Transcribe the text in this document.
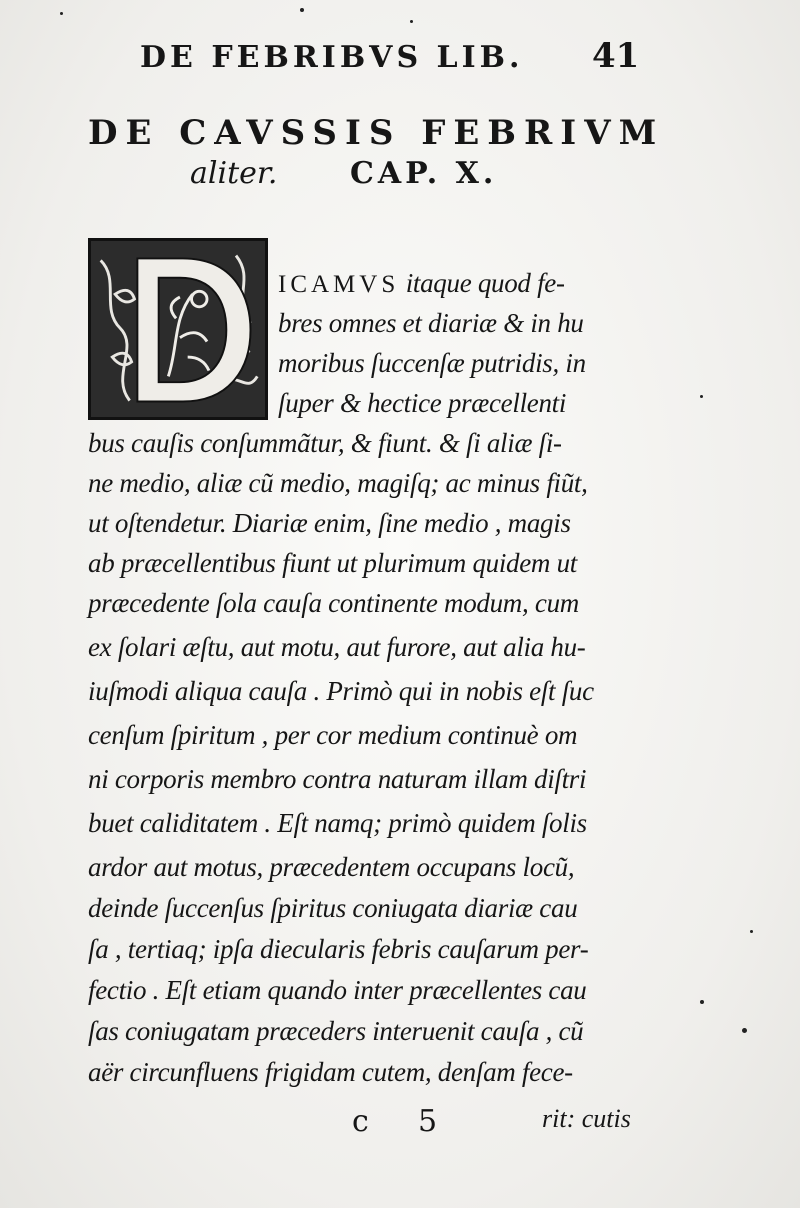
DE FEBRIBVS LIB.	41
DE CAVSSIS FEBRIVM
aliter. CAP. X.
ICAMVS itaque quod fe-
bres omnes et diariæ & in hu
moribus ſuccenſæ putridis, in
ſuper & hectice præcellenti
bus cauſis conſummãtur, & fiunt. & ſi aliæ ſi-
ne medio, aliæ cũ medio, magiſq; ac minus fiũt,
ut oſtendetur. Diariæ enim, ſine medio , magis
ab præcellentibus fiunt ut plurimum quidem ut
præcedente ſola cauſa continente modum, cum
ex ſolari æſtu, aut motu, aut furore, aut alia hu-
iuſmodi aliqua cauſa . Primò qui in nobis eſt ſuc
cenſum ſpiritum , per cor medium continuè om
ni corporis membro contra naturam illam diſtri
buet caliditatem . Eſt namq; primò quidem ſolis
ardor aut motus, præcedentem occupans locũ,
deinde ſuccenſus ſpiritus coniugata diariæ cau
ſa , tertiaq; ipſa diecularis febris cauſarum per-
fectio . Eſt etiam quando inter præcellentes cau
ſas coniugatam præceders interuenit cauſa , cũ
aër circunfluens frigidam cutem, denſam fece-
c 5	rit: cutis
